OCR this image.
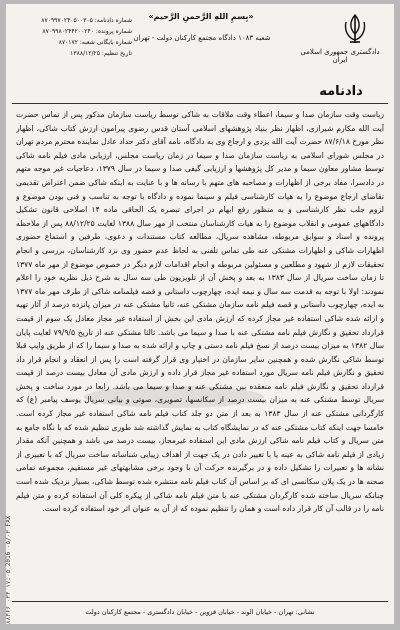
دادگستری جمهوری اسلامی ایران
«بِسمِ اللهِ الرَّحمنِ الرَّحیم»
شعبه ۱۰۸۳ دادگاه مجتمع کارکنان دولت - تهران
دادنامه
شماره دادنامه: ۸۷۰۹۹۷۰۲۴۰۵۰۰۳۰۵
شماره پرونده: ۸۷۰۹۹۸۰۲۴۴۲۰۰۲۴۰
شماره بایگانی شعبه: ۸۷۰۱۷۲
تاریخ تنظیم: ۱۳۸۸/۱۲/۲۵

ریاست وقت سازمان صدا و سیما، اعطاء وقت ملاقات به شاکی توسط ریاست سازمان مذکور پس از تماس حضرت آیت الله مکارم شیرازی، اظهار نظر بنیاد پژوهشهای اسلامی آستان قدس رضوی پیرامون ارزش کتاب شاکی، اظهار نظر مورخ ۸۷/۶/۱۸ حضرت آیت الله یزدی و ارجاع وی به دادگاه، نامه آقای دکتر حداد عادل نماینده محترم مردم تهران در مجلس شورای اسلامی به ریاست سازمان صدا و سیما در زمان ریاست مجلس، ارزیابی مادی فیلم نامه شاکی توسط مشاور معاون سیما و مدیر کل پژوهشها و ارزیابی گیفی صدا و سیما در سال ۱۳۷۹، دعاجیات غیر موجه متهم در دادسرا، مفاد برخی از اظهارات و مصاحبه های متهم با رسانه ها و با عنایت به اینکه شاکی ضمن اعتراض تقدیمی تقاضای ارجاع موضوع را به هیات کارشناسی فیلم و سینما نموده و دادگاه با توجه به تناسب و فنی بودن موضوع و لزوم جلب نظر کارشناسی و به منظور رفع ابهام در اجرای تبصره یک الحاقی ماده ۱۴ اصلاحی قانون تشکیل دادگاههای عمومی و انقلاب موضوع را به هیات کارشناسان منتخب از مهر سال ۱۳۸۸ لغایت ۸۸/۱۲/۲۵ پس از ملاحظه پرونده و اسناد و سوابق مربوطه، مشاهده سریال، مطالعه کتاب مستندات و دعوی، طرفین و استماع حضوری اظهارات شاکی و اظهارات مشتکی عنه طی تماس تلفنی به لحاظ عدم حضور وی نزد کارشناسان، بررسی و انجام تحقیقات لازم از شهود و مطلعین و مسئولین مربوطه و انجام اقدامات لازم دیگر در خصوص موضوع از مهر ماه ۱۳۷۷ تا زمان ساخت سریال از سال ۱۳۸۳ به بعد و پخش آن از تلویزیون طی سه سال به شرح ذیل نظریه خود را اعلام نمودند: اولا با توجه به قدمت سه سال و نیمه ایده، چهارچوب داستانی و قصه فیلمنامه شاکی از طرف مهر ماه ۱۳۷۷ به ایده، چهارچوب داستانی و قصه فیلم نامه سازمان مشتکی عنه، ثانیا مشتکی عنه در میزان پانزده درصد از آثار تهیه و ارائه شده شاکی استفاده غیر مجاز کرده که ارزش مادی این بخش از استفاده غیر مجاز معادل یک سوم از قیمت قرارداد تحقیق و نگارش فیلم نامه مشتکی عنه با صدا و سیما می باشد. ثالثا مشتکی عنه از تاریخ ۷۹/۹/۵ لغایت پایان سال ۱۳۸۲ به میزان بیست درصد از نسخ فیلم نامه دستی و چاپ و ارائه شده به صدا و سیما را که از طریق وایپ قبلا توسط شاکی نگارش شده و همچنین سایر سازمان در اختیار وی قرار گرفته است را پس از انعقاد و انجام قرار داد تحقیق و نگارش فیلم نامه سریال مورد استفاده غیر مجاز قرار داده و ارزش مادی آن معادل بیست درصد از قیمت قرارداد تحقیق و نگارش فیلم نامه منعقده بین مشتکی عنه و صدا و سیما می باشد. رابعا در مورد ساخت و پخش سریال توسط مشتکی عنه به میزان بیست درصد از سکانسها، تصویری، صوتی و بیانی سریال یوسف پیامبر (ع) که کارگردانی مشتکی عنه از سال ۱۳۸۳ به بعد از متن دو جلد کتاب فیلم نامه شاکی استفاده غیر مجاز کرده است. خامسا جهت اینکه کتاب مشتکی عنه که در نمایشگاه کتاب به نمایش گذاشته شد طوری تنظیم شده که با نگاه جامع به متن سریال و کتاب فیلم نامه شاکی ارزش مادی این استفاده غیرمجاز، بیست درصد می باشد و همچنین آنکه مقدار زیادی از فیلم نامه شاکی به عینه یا با تغییر دادن در یک جهت از اهداف زیبایی شناسانه ساخت سریال که با تعبیری از نشانه ها و تعبیرات را تشکیل داده و در برگیرنده حرکت آن با وجود برخی مشابهتهای غیر مستقیم، مجموعه تمامی صحنه ها در یک پلان سکانسی ای که بر اساس آن کتاب فیلم نامه منتشره شده توسط شاکی، بسیار نزدیک شده است چنانکه سریال ساخته شده کارگردان مشتکی عنه با متن فیلم نامه شاکی از پیکره کلی آن استفاده کرده و متن فیلم نامه را در قالب آن کار قرار داده است و همان را تنظیم نموده که از آن به عنوان اثر خود استفاده کرده است.

نشانی: تهران - خیابان الوند - خیابان قزوین - خیابان دادگستری - مجتمع کارکنان دولت
۸۸۴۶۶ ۰۳۴ ۱۷:۰۵ 2016 ۰۵/۰۳ FAX
